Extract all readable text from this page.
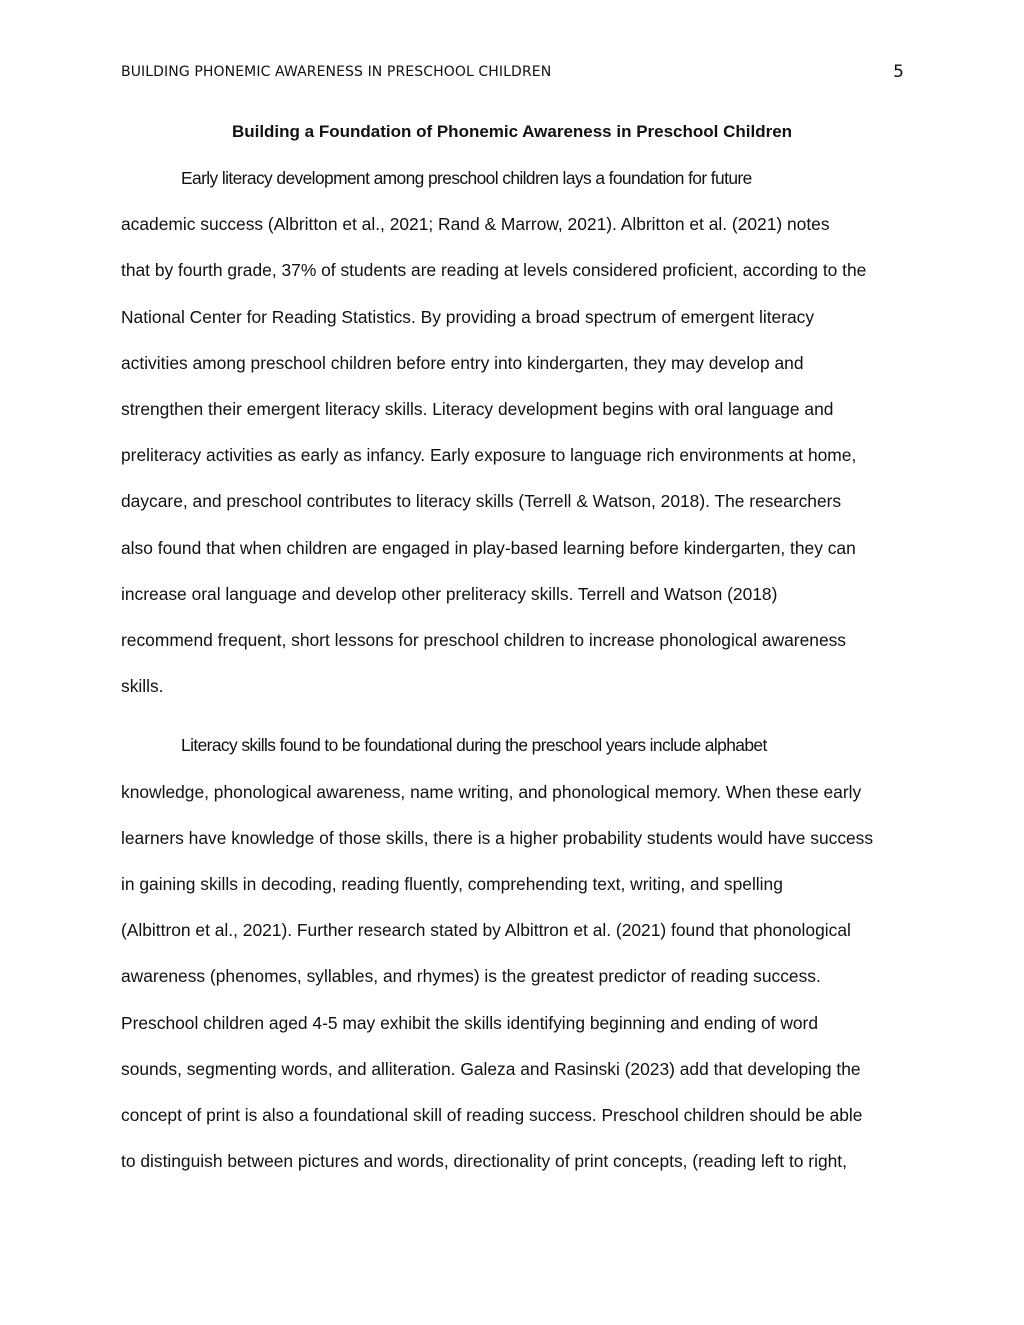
BUILDING PHONEMIC AWARENESS IN PRESCHOOL CHILDREN	5
Building a Foundation of Phonemic Awareness in Preschool Children

Early literacy development among preschool children lays a foundation for future
academic success (Albritton et al., 2021; Rand & Marrow, 2021). Albritton et al. (2021) notes
that by fourth grade, 37% of students are reading at levels considered proficient, according to the
National Center for Reading Statistics. By providing a broad spectrum of emergent literacy
activities among preschool children before entry into kindergarten, they may develop and
strengthen their emergent literacy skills. Literacy development begins with oral language and
preliteracy activities as early as infancy. Early exposure to language rich environments at home,
daycare, and preschool contributes to literacy skills (Terrell & Watson, 2018). The researchers
also found that when children are engaged in play-based learning before kindergarten, they can
increase oral language and develop other preliteracy skills. Terrell and Watson (2018)
recommend frequent, short lessons for preschool children to increase phonological awareness
skills.

Literacy skills found to be foundational during the preschool years include alphabet
knowledge, phonological awareness, name writing, and phonological memory. When these early
learners have knowledge of those skills, there is a higher probability students would have success
in gaining skills in decoding, reading fluently, comprehending text, writing, and spelling
(Albittron et al., 2021). Further research stated by Albittron et al. (2021) found that phonological
awareness (phenomes, syllables, and rhymes) is the greatest predictor of reading success.
Preschool children aged 4-5 may exhibit the skills identifying beginning and ending of word
sounds, segmenting words, and alliteration. Galeza and Rasinski (2023) add that developing the
concept of print is also a foundational skill of reading success. Preschool children should be able
to distinguish between pictures and words, directionality of print concepts, (reading left to right,
